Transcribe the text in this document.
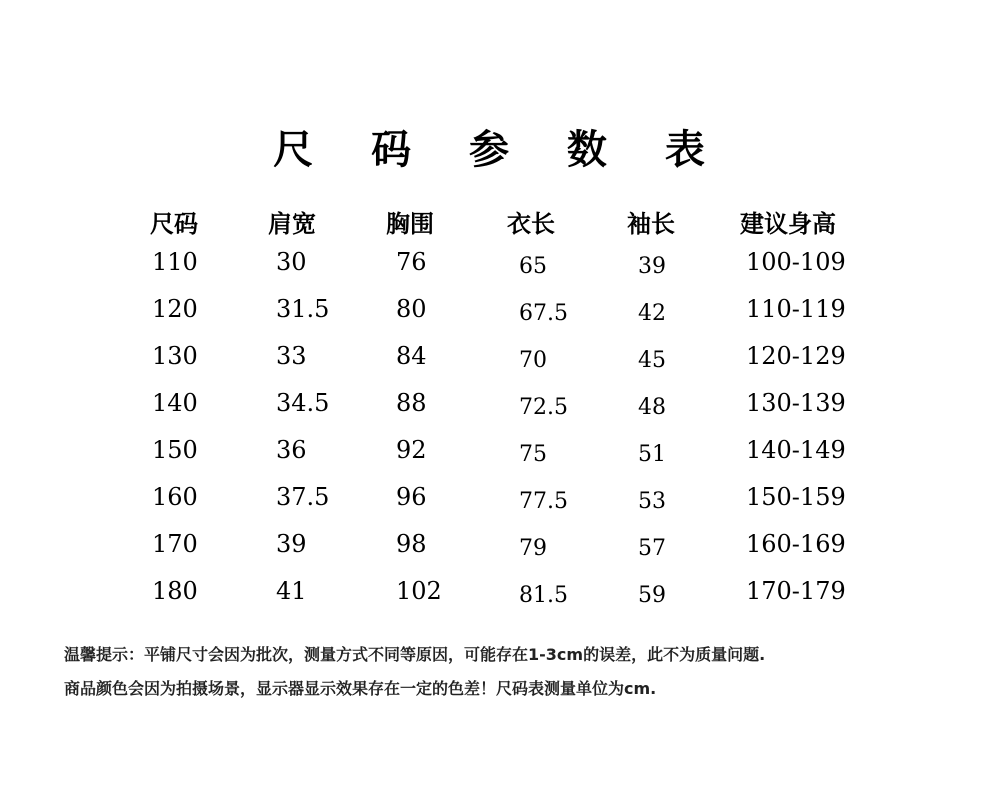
尺 码 参 数 表
尺码	肩宽	胸围	衣长	袖长	建议身高
110	30	76	65	39	100-109
120	31.5	80	67.5	42	110-119
130	33	84	70	45	120-129
140	34.5	88	72.5	48	130-139
150	36	92	75	51	140-149
160	37.5	96	77.5	53	150-159
170	39	98	79	57	160-169
180	41	102	81.5	59	170-179
温馨提示：平铺尺寸会因为批次，测量方式不同等原因，可能存在1-3cm的误差，此不为质量问题.
商品颜色会因为拍摄场景，显示器显示效果存在一定的色差！尺码表测量单位为cm.
